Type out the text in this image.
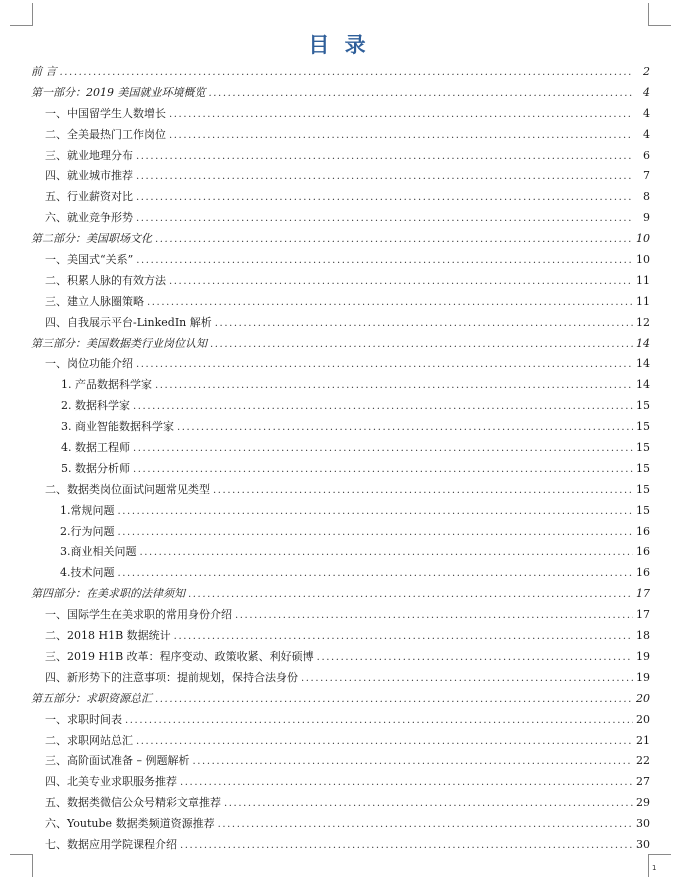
目 录
前 言 .....	2
第一部分：2019 美国就业环境概览 .....	4
一、中国留学生人数增长 .....	4
二、全美最热门工作岗位 .....	4
三、就业地理分布 .....	6
四、就业城市推荐 .....	7
五、行业薪资对比 .....	8
六、就业竞争形势 .....	9
第二部分：美国职场文化 .....	10
一、美国式“关系” .....	10
二、积累人脉的有效方法 .....	11
三、建立人脉圈策略 .....	11
四、自我展示平台-LinkedIn 解析 .....	12
第三部分：美国数据类行业岗位认知 .....	14
一、岗位功能介绍 .....	14
1. 产品数据科学家 .....	14
2. 数据科学家 .....	15
3. 商业智能数据科学家 .....	15
4. 数据工程师 .....	15
5. 数据分析师 .....	15
二、数据类岗位面试问题常见类型 .....	15
1.常规问题 .....	15
2.行为问题 .....	16
3.商业相关问题 .....	16
4.技术问题 .....	16
第四部分：在美求职的法律须知 .....	17
一、国际学生在美求职的常用身份介绍 .....	17
二、2018 H1B 数据统计 .....	18
三、2019 H1B 改革：程序变动、政策收紧、利好硕博 .....	19
四、新形势下的注意事项：提前规划，保持合法身份 .....	19
第五部分：求职资源总汇 .....	20
一、求职时间表 .....	20
二、求职网站总汇 .....	21
三、高阶面试准备 – 例题解析 .....	22
四、北美专业求职服务推荐 .....	27
五、数据类微信公众号精彩文章推荐 .....	29
六、Youtube 数据类频道资源推荐 .....	30
七、数据应用学院课程介绍 .....	30
1
